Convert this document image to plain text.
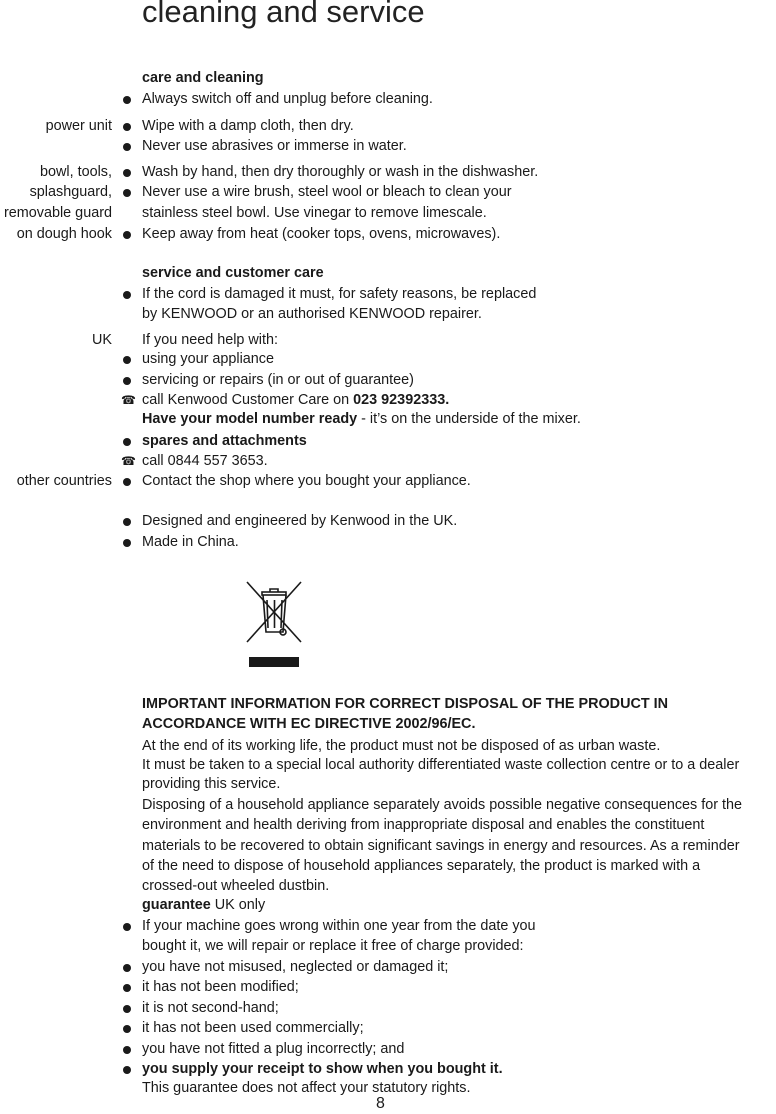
cleaning and service
care and cleaning
Always switch off and unplug before cleaning.
power unit Wipe with a damp cloth, then dry.
Never use abrasives or immerse in water.
bowl, tools,
splashguard,
removable guard
on dough hook
Wash by hand, then dry thoroughly or wash in the dishwasher.
Never use a wire brush, steel wool or bleach to clean your
stainless steel bowl. Use vinegar to remove limescale.
Keep away from heat (cooker tops, ovens, microwaves).
service and customer care
If the cord is damaged it must, for safety reasons, be replaced
by KENWOOD or an authorised KENWOOD repairer.
UK If you need help with:
using your appliance
servicing or repairs (in or out of guarantee)
☎ call Kenwood Customer Care on 023 92392333.
Have your model number ready - it’s on the underside of the mixer.
spares and attachments
☎ call 0844 557 3653.
other countries Contact the shop where you bought your appliance.
Designed and engineered by Kenwood in the UK.
Made in China.
IMPORTANT INFORMATION FOR CORRECT DISPOSAL OF THE PRODUCT IN
ACCORDANCE WITH EC DIRECTIVE 2002/96/EC.
At the end of its working life, the product must not be disposed of as urban waste.
It must be taken to a special local authority differentiated waste collection centre or to a dealer
providing this service.
Disposing of a household appliance separately avoids possible negative consequences for the
environment and health deriving from inappropriate disposal and enables the constituent
materials to be recovered to obtain significant savings in energy and resources. As a reminder
of the need to dispose of household appliances separately, the product is marked with a
crossed-out wheeled dustbin.
guarantee UK only
If your machine goes wrong within one year from the date you
bought it, we will repair or replace it free of charge provided:
you have not misused, neglected or damaged it;
it has not been modified;
it is not second-hand;
it has not been used commercially;
you have not fitted a plug incorrectly; and
you supply your receipt to show when you bought it.
This guarantee does not affect your statutory rights.
8
